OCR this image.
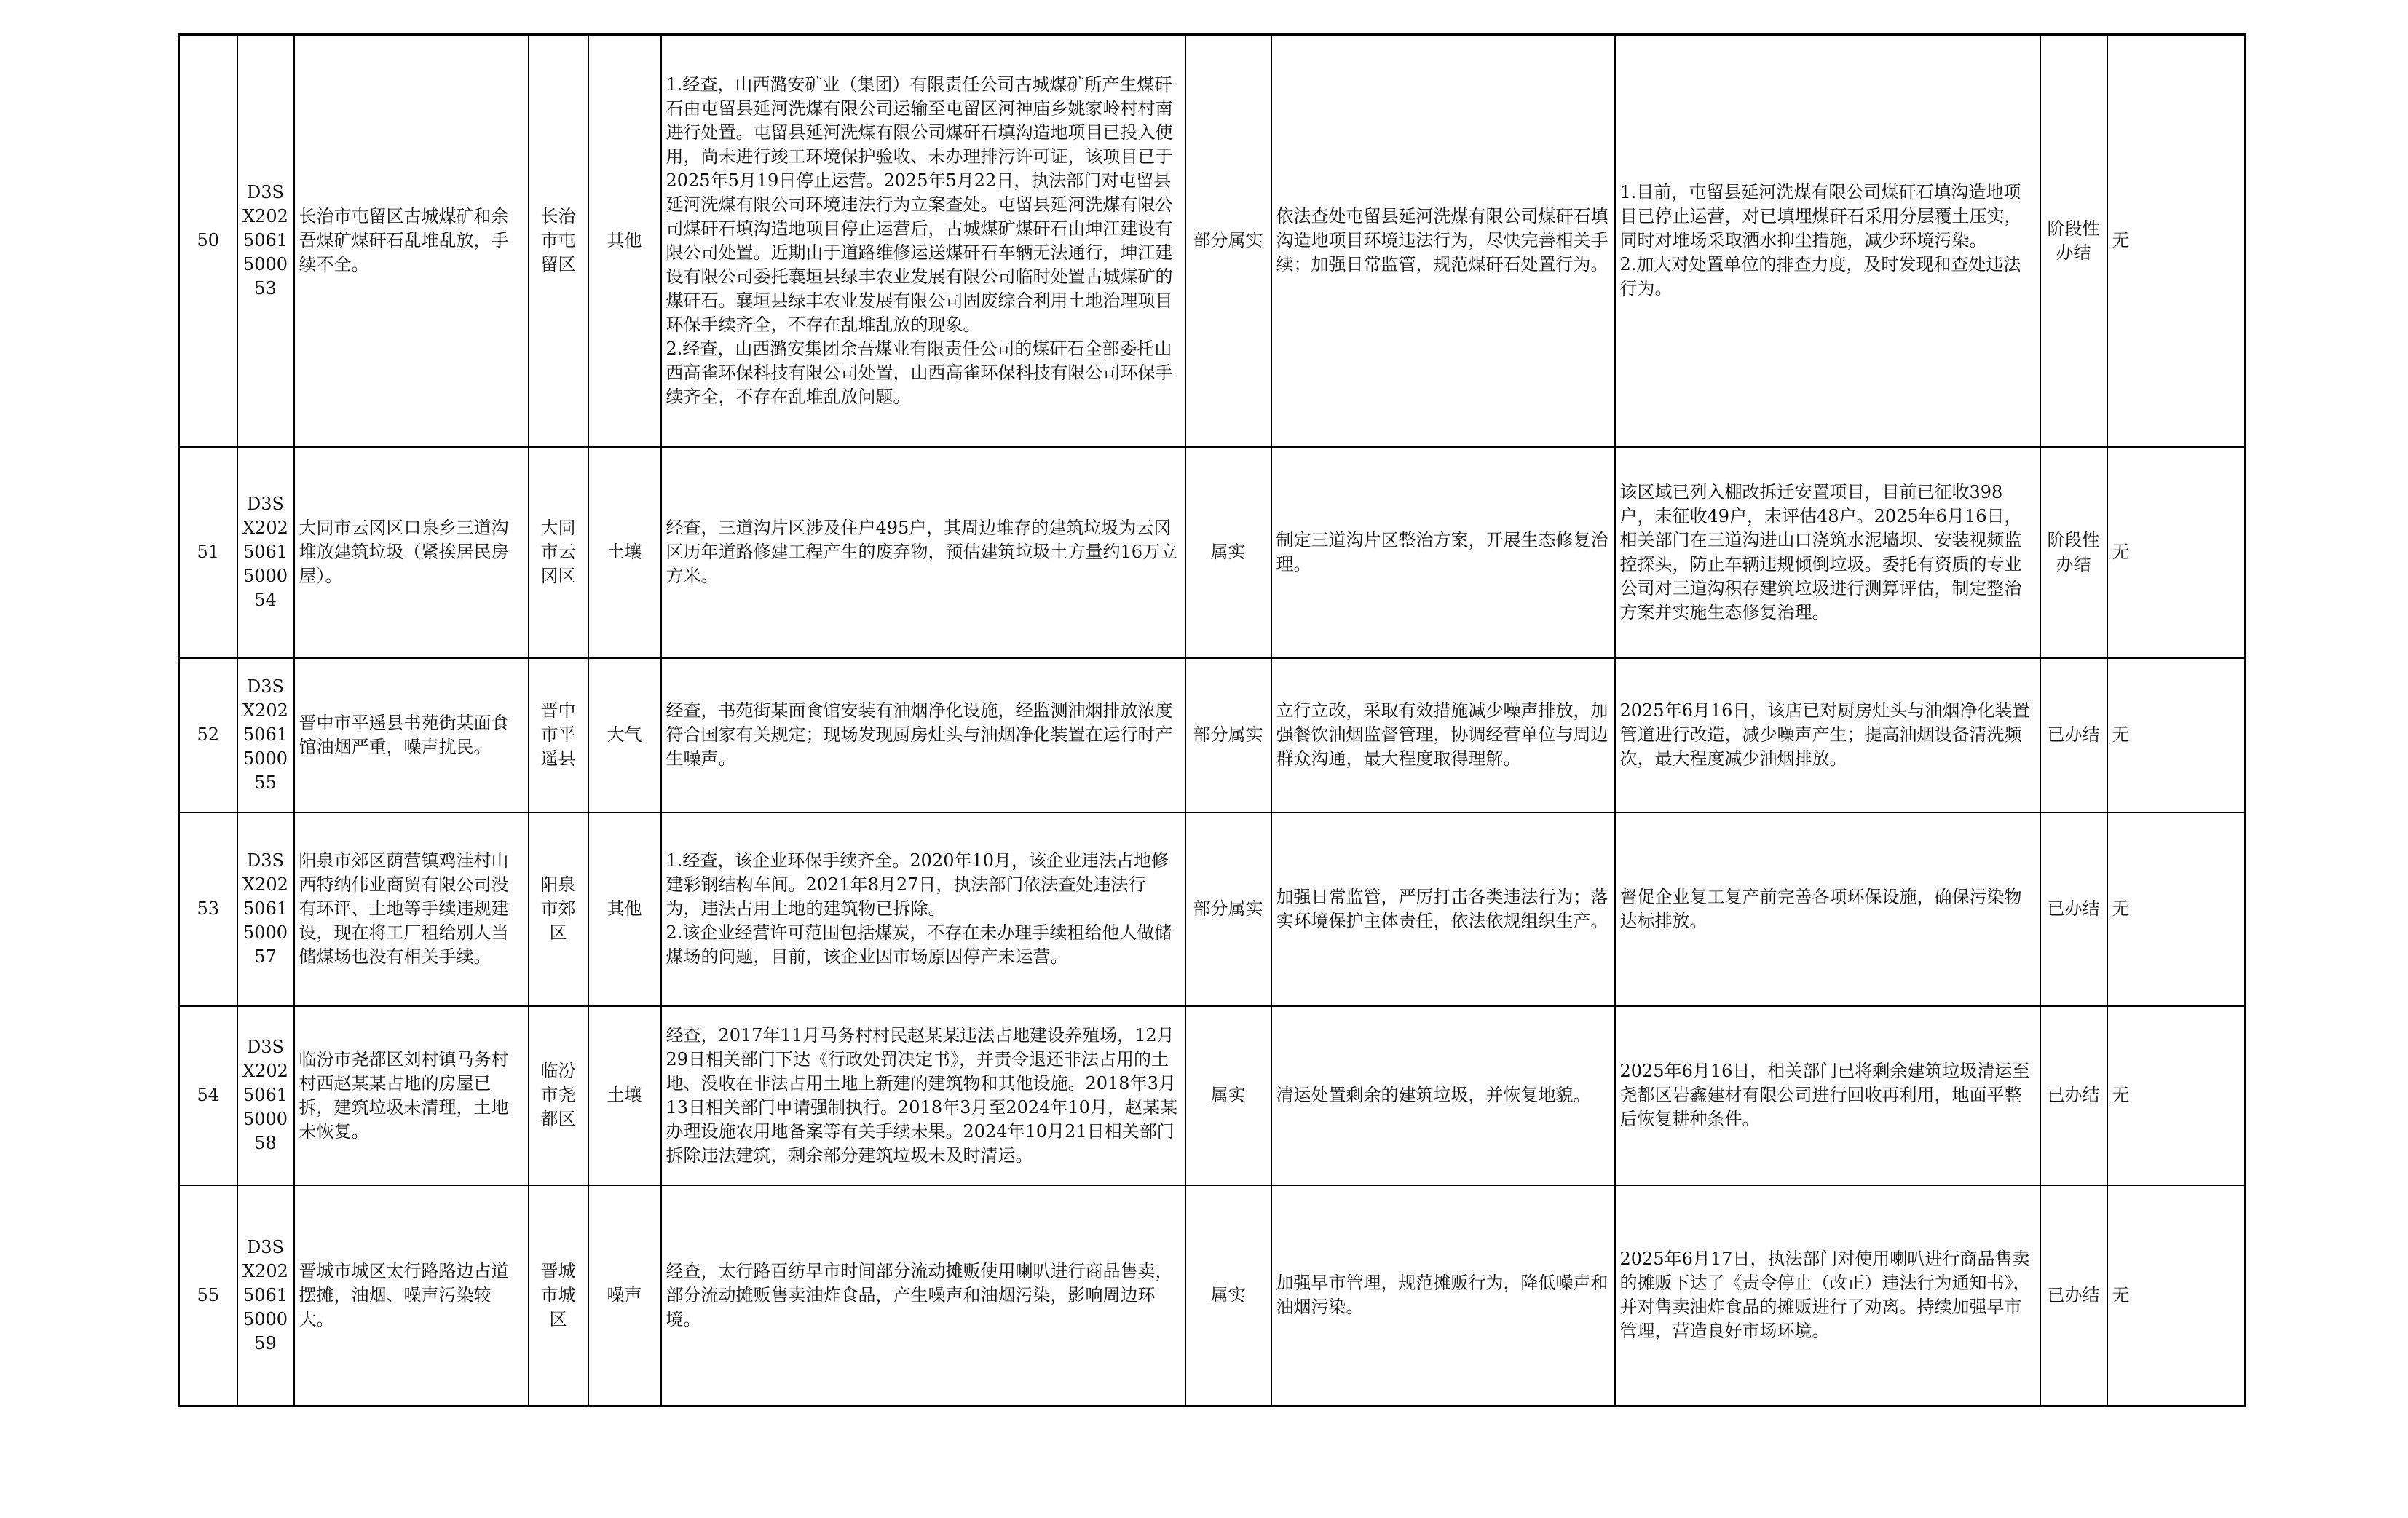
50	D3SX2025061500053	长治市屯留区古城煤矿和余吾煤矿煤矸石乱堆乱放，手续不全。	长治市屯留区	其他	1.经查，山西潞安矿业（集团）有限责任公司古城煤矿所产生煤矸石由屯留县延河洗煤有限公司运输至屯留区河神庙乡姚家岭村村南进行处置。屯留县延河洗煤有限公司煤矸石填沟造地项目已投入使用，尚未进行竣工环境保护验收、未办理排污许可证，该项目已于2025年5月19日停止运营。2025年5月22日，执法部门对屯留县延河洗煤有限公司环境违法行为立案查处。屯留县延河洗煤有限公司煤矸石填沟造地项目停止运营后，古城煤矿煤矸石由坤江建设有限公司处置。近期由于道路维修运送煤矸石车辆无法通行，坤江建设有限公司委托襄垣县绿丰农业发展有限公司临时处置古城煤矿的煤矸石。襄垣县绿丰农业发展有限公司固废综合利用土地治理项目环保手续齐全，不存在乱堆乱放的现象。
2.经查，山西潞安集团余吾煤业有限责任公司的煤矸石全部委托山西高雀环保科技有限公司处置，山西高雀环保科技有限公司环保手续齐全，不存在乱堆乱放问题。	部分属实	依法查处屯留县延河洗煤有限公司煤矸石填沟造地项目环境违法行为，尽快完善相关手续；加强日常监管，规范煤矸石处置行为。	1.目前，屯留县延河洗煤有限公司煤矸石填沟造地项目已停止运营，对已填埋煤矸石采用分层覆土压实，同时对堆场采取洒水抑尘措施，减少环境污染。
2.加大对处置单位的排查力度，及时发现和查处违法行为。	阶段性办结	无
51	D3SX2025061500054	大同市云冈区口泉乡三道沟堆放建筑垃圾（紧挨居民房屋）。	大同市云冈区	土壤	经查，三道沟片区涉及住户495户，其周边堆存的建筑垃圾为云冈区历年道路修建工程产生的废弃物，预估建筑垃圾土方量约16万立方米。	属实	制定三道沟片区整治方案，开展生态修复治理。	该区域已列入棚改拆迁安置项目，目前已征收398户，未征收49户，未评估48户。2025年6月16日，相关部门在三道沟进山口浇筑水泥墙坝、安装视频监控探头，防止车辆违规倾倒垃圾。委托有资质的专业公司对三道沟积存建筑垃圾进行测算评估，制定整治方案并实施生态修复治理。	阶段性办结	无
52	D3SX2025061500055	晋中市平遥县书苑街某面食馆油烟严重，噪声扰民。	晋中市平遥县	大气	经查，书苑街某面食馆安装有油烟净化设施，经监测油烟排放浓度符合国家有关规定；现场发现厨房灶头与油烟净化装置在运行时产生噪声。	部分属实	立行立改，采取有效措施减少噪声排放，加强餐饮油烟监督管理，协调经营单位与周边群众沟通，最大程度取得理解。	2025年6月16日，该店已对厨房灶头与油烟净化装置管道进行改造，减少噪声产生；提高油烟设备清洗频次，最大程度减少油烟排放。	已办结	无
53	D3SX2025061500057	阳泉市郊区荫营镇鸡洼村山西特纳伟业商贸有限公司没有环评、土地等手续违规建设，现在将工厂租给别人当储煤场也没有相关手续。	阳泉市郊区	其他	1.经查，该企业环保手续齐全。2020年10月，该企业违法占地修建彩钢结构车间。2021年8月27日，执法部门依法查处违法行为，违法占用土地的建筑物已拆除。
2.该企业经营许可范围包括煤炭，不存在未办理手续租给他人做储煤场的问题，目前，该企业因市场原因停产未运营。	部分属实	加强日常监管，严厉打击各类违法行为；落实环境保护主体责任，依法依规组织生产。	督促企业复工复产前完善各项环保设施，确保污染物达标排放。	已办结	无
54	D3SX2025061500058	临汾市尧都区刘村镇马务村村西赵某某占地的房屋已拆，建筑垃圾未清理，土地未恢复。	临汾市尧都区	土壤	经查，2017年11月马务村村民赵某某违法占地建设养殖场，12月29日相关部门下达《行政处罚决定书》，并责令退还非法占用的土地、没收在非法占用土地上新建的建筑物和其他设施。2018年3月13日相关部门申请强制执行。2018年3月至2024年10月，赵某某办理设施农用地备案等有关手续未果。2024年10月21日相关部门拆除违法建筑，剩余部分建筑垃圾未及时清运。	属实	清运处置剩余的建筑垃圾，并恢复地貌。	2025年6月16日，相关部门已将剩余建筑垃圾清运至尧都区岩鑫建材有限公司进行回收再利用，地面平整后恢复耕种条件。	已办结	无
55	D3SX2025061500059	晋城市城区太行路路边占道摆摊，油烟、噪声污染较大。	晋城市城区	噪声	经查，太行路百纺早市时间部分流动摊贩使用喇叭进行商品售卖，部分流动摊贩售卖油炸食品，产生噪声和油烟污染，影响周边环境。	属实	加强早市管理，规范摊贩行为，降低噪声和油烟污染。	2025年6月17日，执法部门对使用喇叭进行商品售卖的摊贩下达了《责令停止（改正）违法行为通知书》，并对售卖油炸食品的摊贩进行了劝离。持续加强早市管理，营造良好市场环境。	已办结	无
